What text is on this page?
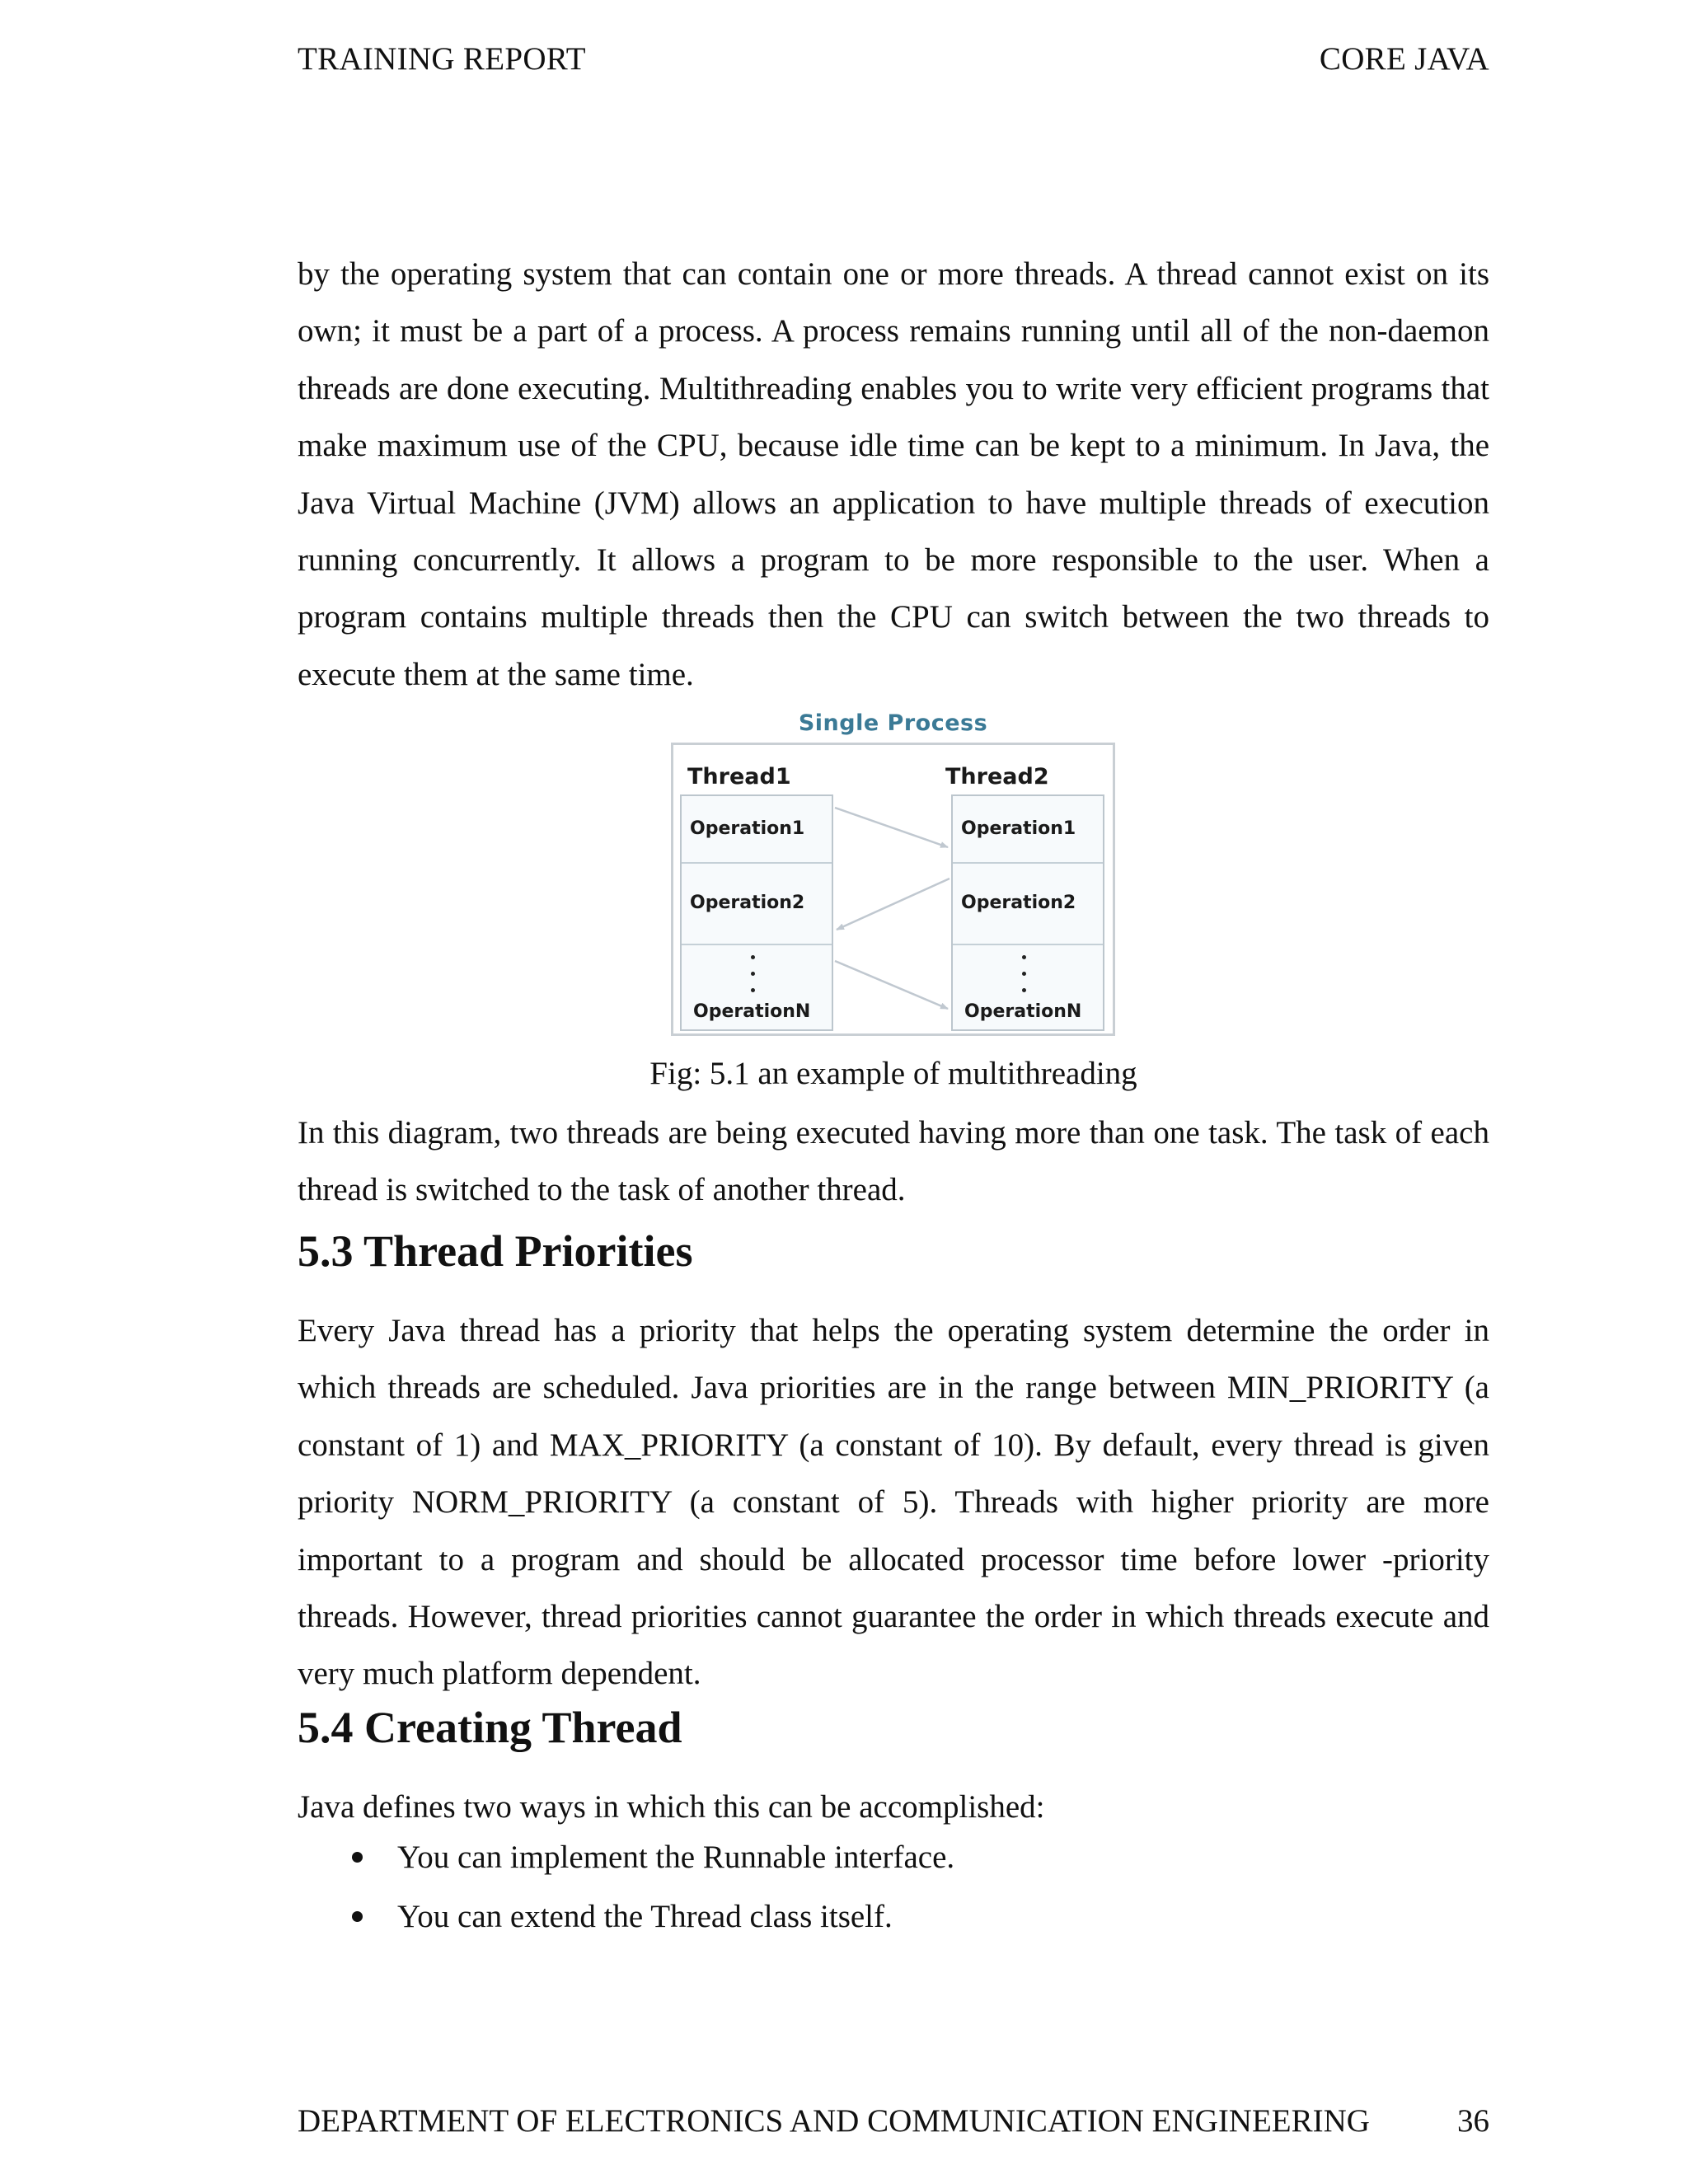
TRAINING REPORT	CORE JAVA

by the operating system that can contain one or more threads. A thread cannot exist on its own; it must be a part of a process. A process remains running until all of the non-daemon threads are done executing. Multithreading enables you to write very efficient programs that make maximum use of the CPU, because idle time can be kept to a minimum. In Java, the Java Virtual Machine (JVM) allows an application to have multiple threads of execution running concurrently. It allows a program to be more responsible to the user. When a program contains multiple threads then the CPU can switch between the two threads to execute them at the same time.

Single Process
Thread1	Thread2
Operation1
Operation2
OperationN
Operation1
Operation2
OperationN
Fig: 5.1 an example of multithreading

In this diagram, two threads are being executed having more than one task. The task of each thread is switched to the task of another thread.

5.3 Thread Priorities

Every Java thread has a priority that helps the operating system determine the order in which threads are scheduled. Java priorities are in the range between MIN_PRIORITY (a constant of 1) and MAX_PRIORITY (a constant of 10). By default, every thread is given priority NORM_PRIORITY (a constant of 5). Threads with higher priority are more important to a program and should be allocated processor time before lower -priority threads. However, thread priorities cannot guarantee the order in which threads execute and very much platform dependent.

5.4 Creating Thread

Java defines two ways in which this can be accomplished:

You can implement the Runnable interface.
You can extend the Thread class itself.
DEPARTMENT OF ELECTRONICS AND COMMUNICATION ENGINEERING	36
